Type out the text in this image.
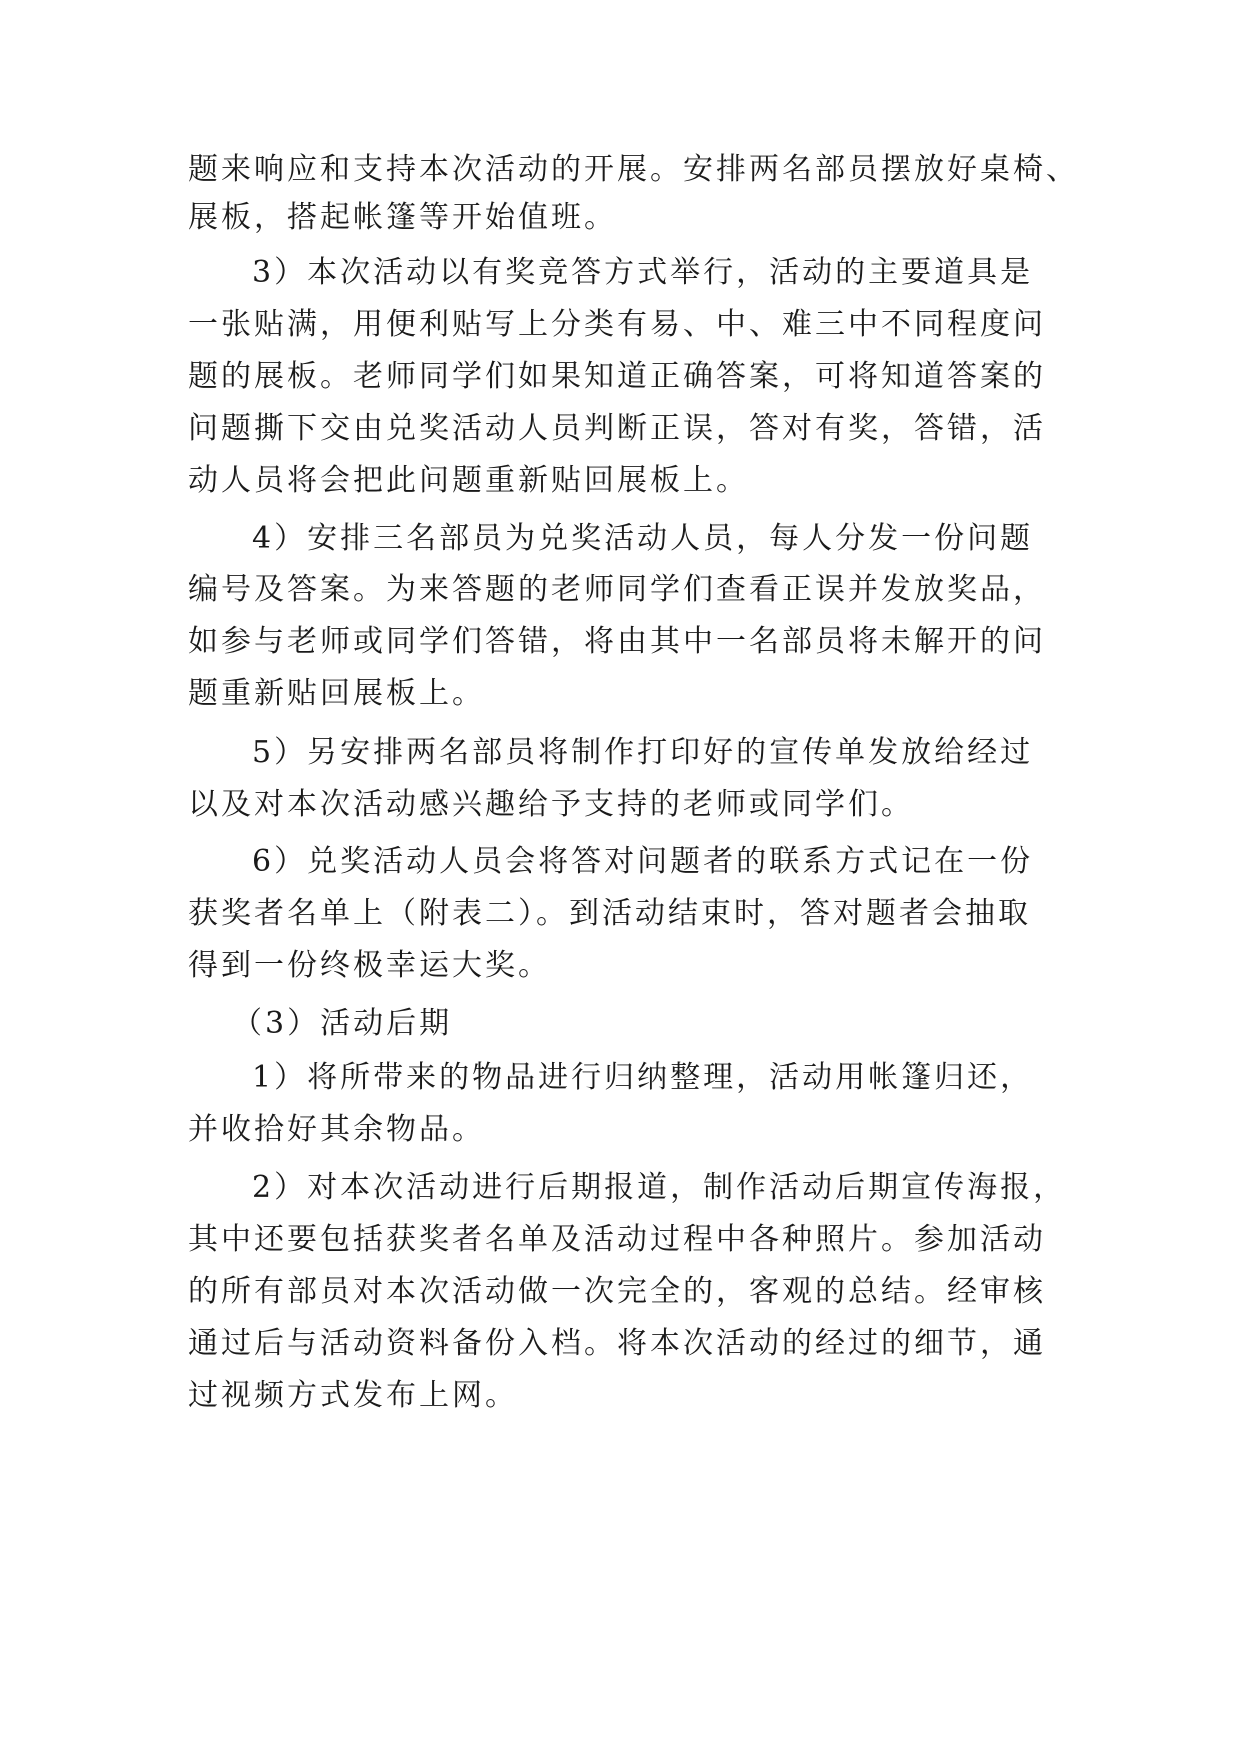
题来响应和支持本次活动的开展。安排两名部员摆放好桌椅、
展板，搭起帐篷等开始值班。
3）本次活动以有奖竞答方式举行，活动的主要道具是
一张贴满，用便利贴写上分类有易、中、难三中不同程度问
题的展板。老师同学们如果知道正确答案，可将知道答案的
问题撕下交由兑奖活动人员判断正误，答对有奖，答错，活
动人员将会把此问题重新贴回展板上。
4）安排三名部员为兑奖活动人员，每人分发一份问题
编号及答案。为来答题的老师同学们查看正误并发放奖品，
如参与老师或同学们答错，将由其中一名部员将未解开的问
题重新贴回展板上。
5）另安排两名部员将制作打印好的宣传单发放给经过
以及对本次活动感兴趣给予支持的老师或同学们。
6）兑奖活动人员会将答对问题者的联系方式记在一份
获奖者名单上（附表二）。到活动结束时，答对题者会抽取
得到一份终极幸运大奖。
（3）活动后期
1）将所带来的物品进行归纳整理，活动用帐篷归还，
并收拾好其余物品。
2）对本次活动进行后期报道，制作活动后期宣传海报，
其中还要包括获奖者名单及活动过程中各种照片。参加活动
的所有部员对本次活动做一次完全的，客观的总结。经审核
通过后与活动资料备份入档。将本次活动的经过的细节，通
过视频方式发布上网。
